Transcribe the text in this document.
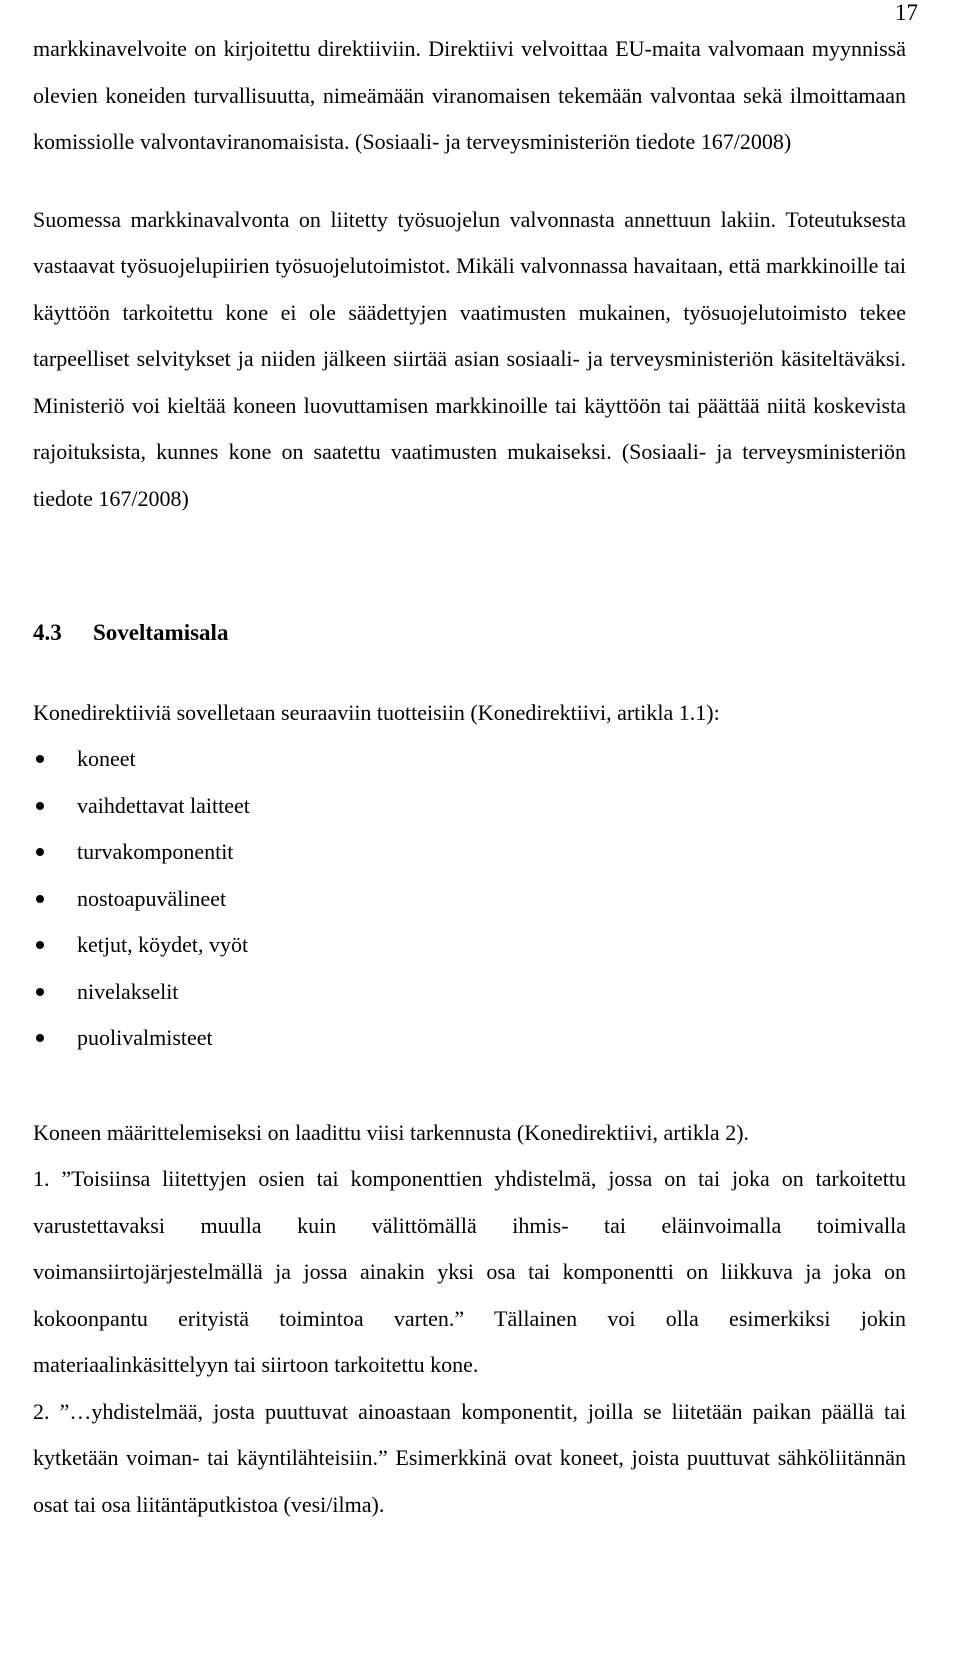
17

markkinavelvoite on kirjoitettu direktiiviin. Direktiivi velvoittaa EU-maita valvomaan myynnissä olevien koneiden turvallisuutta, nimeämään viranomaisen tekemään valvontaa sekä ilmoittamaan komissiolle valvontaviranomaisista. (Sosiaali- ja terveysministeriön tiedote 167/2008)

Suomessa markkinavalvonta on liitetty työsuojelun valvonnasta annettuun lakiin. Toteutuksesta vastaavat työsuojelupiirien työsuojelutoimistot. Mikäli valvonnassa havaitaan, että markkinoille tai käyttöön tarkoitettu kone ei ole säädettyjen vaatimusten mukainen, työsuojelutoimisto tekee tarpeelliset selvitykset ja niiden jälkeen siirtää asian sosiaali- ja terveysministeriön käsiteltäväksi. Ministeriö voi kieltää koneen luovuttamisen markkinoille tai käyttöön tai päättää niitä koskevista rajoituksista, kunnes kone on saatettu vaatimusten mukaiseksi. (Sosiaali- ja terveysministeriön tiedote 167/2008)

4.3 Soveltamisala

Konedirektiiviä sovelletaan seuraaviin tuotteisiin (Konedirektiivi, artikla 1.1):

koneet
vaihdettavat laitteet
turvakomponentit
nostoapuvälineet
ketjut, köydet, vyöt
nivelakselit
puolivalmisteet

Koneen määrittelemiseksi on laadittu viisi tarkennusta (Konedirektiivi, artikla 2).

1. ”Toisiinsa liitettyjen osien tai komponenttien yhdistelmä, jossa on tai joka on tarkoitettu varustettavaksi muulla kuin välittömällä ihmis- tai eläinvoimalla toimivalla voimansiirtojärjestelmällä ja jossa ainakin yksi osa tai komponentti on liikkuva ja joka on kokoonpantu erityistä toimintoa varten.” Tällainen voi olla esimerkiksi jokin materiaalinkäsittelyyn tai siirtoon tarkoitettu kone.

2. ”…yhdistelmää, josta puuttuvat ainoastaan komponentit, joilla se liitetään paikan päällä tai kytketään voiman- tai käyntilähteisiin.” Esimerkkinä ovat koneet, joista puuttuvat sähköliitännän osat tai osa liitäntäputkistoa (vesi/ilma).
